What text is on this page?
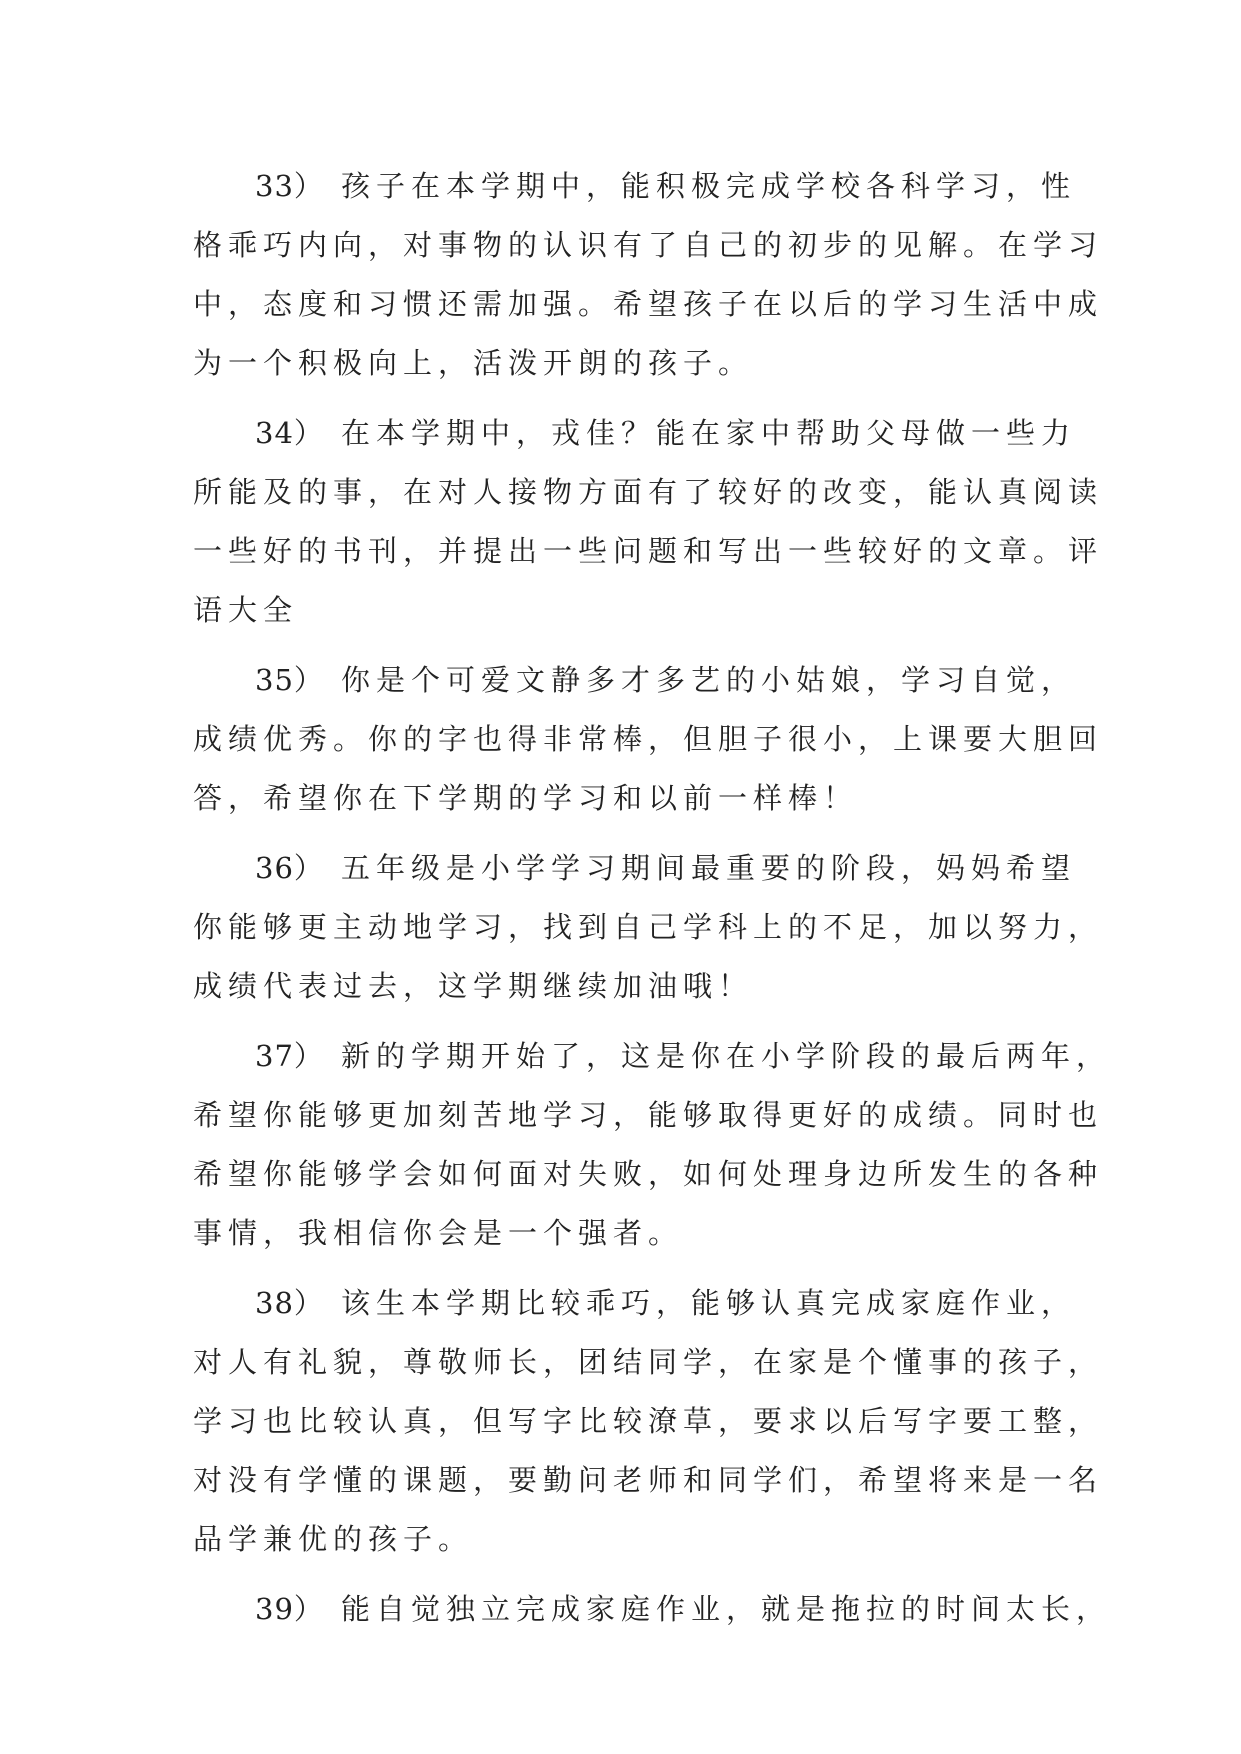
33） 孩子在本学期中，能积极完成学校各科学习，性
格乖巧内向，对事物的认识有了自己的初步的见解。在学习
中，态度和习惯还需加强。希望孩子在以后的学习生活中成
为一个积极向上，活泼开朗的孩子。
34） 在本学期中，戎佳？能在家中帮助父母做一些力
所能及的事，在对人接物方面有了较好的改变，能认真阅读
一些好的书刊，并提出一些问题和写出一些较好的文章。评
语大全
35） 你是个可爱文静多才多艺的小姑娘，学习自觉，
成绩优秀。你的字也得非常棒，但胆子很小，上课要大胆回
答，希望你在下学期的学习和以前一样棒！
36） 五年级是小学学习期间最重要的阶段，妈妈希望
你能够更主动地学习，找到自己学科上的不足，加以努力，
成绩代表过去，这学期继续加油哦！
37） 新的学期开始了，这是你在小学阶段的最后两年，
希望你能够更加刻苦地学习，能够取得更好的成绩。同时也
希望你能够学会如何面对失败，如何处理身边所发生的各种
事情，我相信你会是一个强者。
38） 该生本学期比较乖巧，能够认真完成家庭作业，
对人有礼貌，尊敬师长，团结同学，在家是个懂事的孩子，
学习也比较认真，但写字比较潦草，要求以后写字要工整，
对没有学懂的课题，要勤问老师和同学们，希望将来是一名
品学兼优的孩子。
39） 能自觉独立完成家庭作业，就是拖拉的时间太长，
